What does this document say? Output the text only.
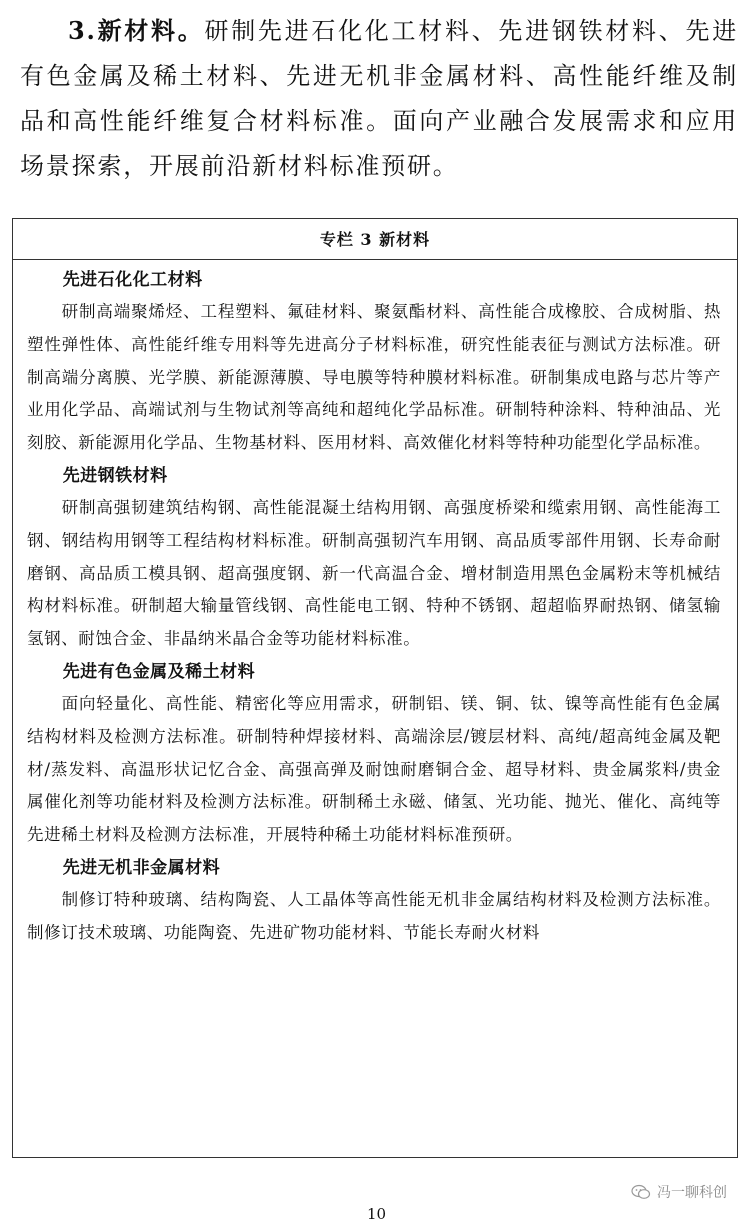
3.新材料。研制先进石化化工材料、先进钢铁材料、先进有色金属及稀土材料、先进无机非金属材料、高性能纤维及制品和高性能纤维复合材料标准。面向产业融合发展需求和应用场景探索，开展前沿新材料标准预研。

专栏 3 新材料

先进石化化工材料

研制高端聚烯烃、工程塑料、氟硅材料、聚氨酯材料、高性能合成橡胶、合成树脂、热塑性弹性体、高性能纤维专用料等先进高分子材料标准，研究性能表征与测试方法标准。研制高端分离膜、光学膜、新能源薄膜、导电膜等特种膜材料标准。研制集成电路与芯片等产业用化学品、高端试剂与生物试剂等高纯和超纯化学品标准。研制特种涂料、特种油品、光刻胶、新能源用化学品、生物基材料、医用材料、高效催化材料等特种功能型化学品标准。

先进钢铁材料

研制高强韧建筑结构钢、高性能混凝土结构用钢、高强度桥梁和缆索用钢、高性能海工钢、钢结构用钢等工程结构材料标准。研制高强韧汽车用钢、高品质零部件用钢、长寿命耐磨钢、高品质工模具钢、超高强度钢、新一代高温合金、增材制造用黑色金属粉末等机械结构材料标准。研制超大输量管线钢、高性能电工钢、特种不锈钢、超超临界耐热钢、储氢输氢钢、耐蚀合金、非晶纳米晶合金等功能材料标准。

先进有色金属及稀土材料

面向轻量化、高性能、精密化等应用需求，研制铝、镁、铜、钛、镍等高性能有色金属结构材料及检测方法标准。研制特种焊接材料、高端涂层/镀层材料、高纯/超高纯金属及靶材/蒸发料、高温形状记忆合金、高强高弹及耐蚀耐磨铜合金、超导材料、贵金属浆料/贵金属催化剂等功能材料及检测方法标准。研制稀土永磁、储氢、光功能、抛光、催化、高纯等先进稀土材料及检测方法标准，开展特种稀土功能材料标准预研。

先进无机非金属材料

制修订特种玻璃、结构陶瓷、人工晶体等高性能无机非金属结构材料及检测方法标准。制修订技术玻璃、功能陶瓷、先进矿物功能材料、节能长寿耐火材料

冯一聊科创
10
